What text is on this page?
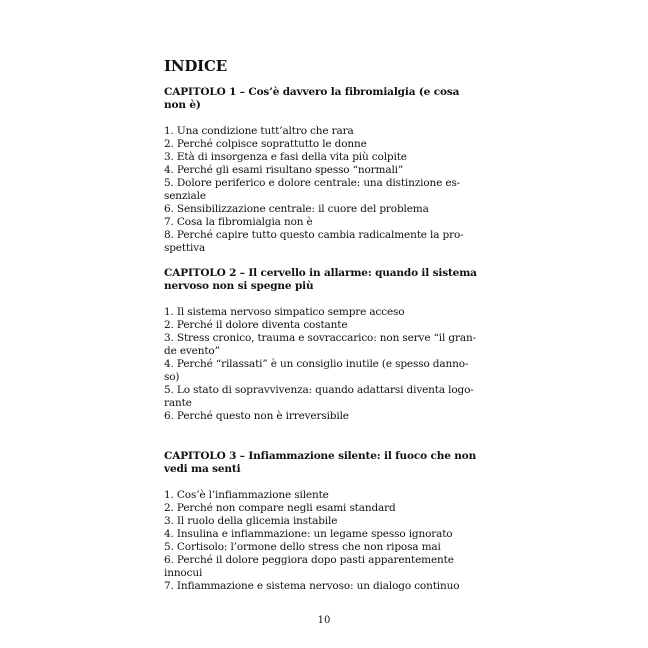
INDICE
CAPITOLO 1 – Cos’è davvero la fibromialgia (e cosa non è)
1. Una condizione tutt’altro che rara
2. Perché colpisce soprattutto le donne
3. Età di insorgenza e fasi della vita più colpite
4. Perché gli esami risultano spesso “normali”
5. Dolore periferico e dolore centrale: una distinzione es-
senziale
6. Sensibilizzazione centrale: il cuore del problema
7. Cosa la fibromialgia non è
8. Perché capire tutto questo cambia radicalmente la pro-
spettiva
CAPITOLO 2 – Il cervello in allarme: quando il sistema
nervoso non si spegne più
1. Il sistema nervoso simpatico sempre acceso
2. Perché il dolore diventa costante
3. Stress cronico, trauma e sovraccarico: non serve “il gran-
de evento”
4. Perché “rilassati” è un consiglio inutile (e spesso danno-
so)
5. Lo stato di sopravvivenza: quando adattarsi diventa logo-
rante
6. Perché questo non è irreversibile
CAPITOLO 3 – Infiammazione silente: il fuoco che non
vedi ma senti
1. Cos’è l’infiammazione silente
2. Perché non compare negli esami standard
3. Il ruolo della glicemia instabile
4. Insulina e infiammazione: un legame spesso ignorato
5. Cortisolo: l’ormone dello stress che non riposa mai
6. Perché il dolore peggiora dopo pasti apparentemente
innocui
7. Infiammazione e sistema nervoso: un dialogo continuo
10
